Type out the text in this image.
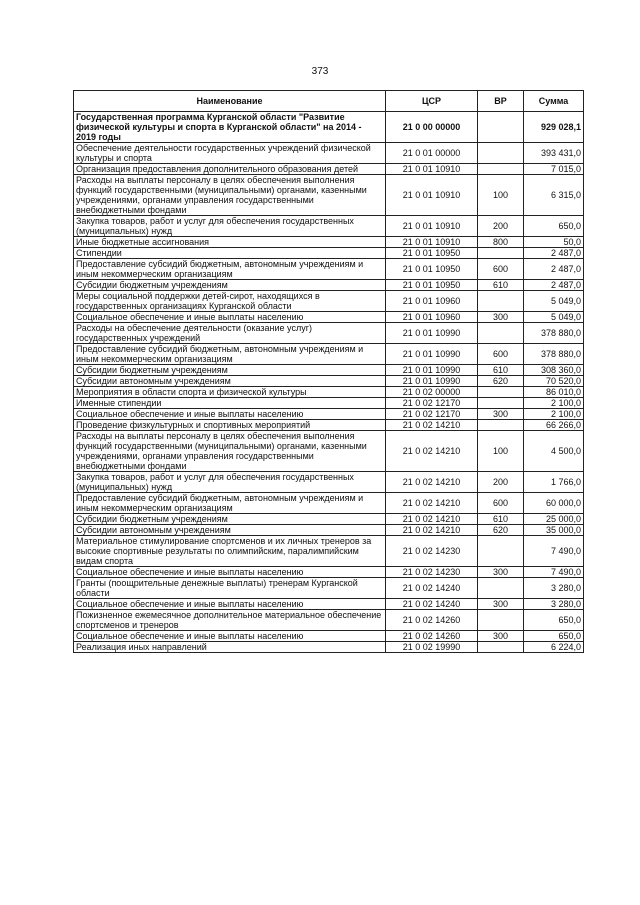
373
Наименование	ЦСР	ВР	Сумма
Государственная программа Курганской области "Развитие физической культуры и спорта в Курганской области" на 2014 - 2019 годы	21 0 00 00000		929 028,1
Обеспечение деятельности государственных учреждений физической культуры и спорта	21 0 01 00000		393 431,0
Организация предоставления дополнительного образования детей	21 0 01 10910		7 015,0
Расходы на выплаты персоналу в целях обеспечения выполнения функций государственными (муниципальными) органами, казенными учреждениями, органами управления государственными внебюджетными фондами	21 0 01 10910	100	6 315,0
Закупка товаров, работ и услуг для обеспечения государственных (муниципальных) нужд	21 0 01 10910	200	650,0
Иные бюджетные ассигнования	21 0 01 10910	800	50,0
Стипендии	21 0 01 10950		2 487,0
Предоставление субсидий бюджетным, автономным учреждениям и иным некоммерческим организациям	21 0 01 10950	600	2 487,0
Субсидии бюджетным учреждениям	21 0 01 10950	610	2 487,0
Меры социальной поддержки детей-сирот, находящихся в государственных организациях Курганской области	21 0 01 10960		5 049,0
Социальное обеспечение и иные выплаты населению	21 0 01 10960	300	5 049,0
Расходы на обеспечение деятельности (оказание услуг) государственных учреждений	21 0 01 10990		378 880,0
Предоставление субсидий бюджетным, автономным учреждениям и иным некоммерческим организациям	21 0 01 10990	600	378 880,0
Субсидии бюджетным учреждениям	21 0 01 10990	610	308 360,0
Субсидии автономным учреждениям	21 0 01 10990	620	70 520,0
Мероприятия в области спорта и физической культуры	21 0 02 00000		86 010,0
Именные стипендии	21 0 02 12170		2 100,0
Социальное обеспечение и иные выплаты населению	21 0 02 12170	300	2 100,0
Проведение физкультурных и спортивных мероприятий	21 0 02 14210		66 266,0
Расходы на выплаты персоналу в целях обеспечения выполнения функций государственными (муниципальными) органами, казенными учреждениями, органами управления государственными внебюджетными фондами	21 0 02 14210	100	4 500,0
Закупка товаров, работ и услуг для обеспечения государственных (муниципальных) нужд	21 0 02 14210	200	1 766,0
Предоставление субсидий бюджетным, автономным учреждениям и иным некоммерческим организациям	21 0 02 14210	600	60 000,0
Субсидии бюджетным учреждениям	21 0 02 14210	610	25 000,0
Субсидии автономным учреждениям	21 0 02 14210	620	35 000,0
Материальное стимулирование спортсменов и их личных тренеров за высокие спортивные результаты по олимпийским, паралимпийским видам спорта	21 0 02 14230		7 490,0
Социальное обеспечение и иные выплаты населению	21 0 02 14230	300	7 490,0
Гранты (поощрительные денежные выплаты) тренерам Курганской области	21 0 02 14240		3 280,0
Социальное обеспечение и иные выплаты населению	21 0 02 14240	300	3 280,0
Пожизненное ежемесячное дополнительное материальное обеспечение спортсменов и тренеров	21 0 02 14260		650,0
Социальное обеспечение и иные выплаты населению	21 0 02 14260	300	650,0
Реализация иных направлений	21 0 02 19990		6 224,0
